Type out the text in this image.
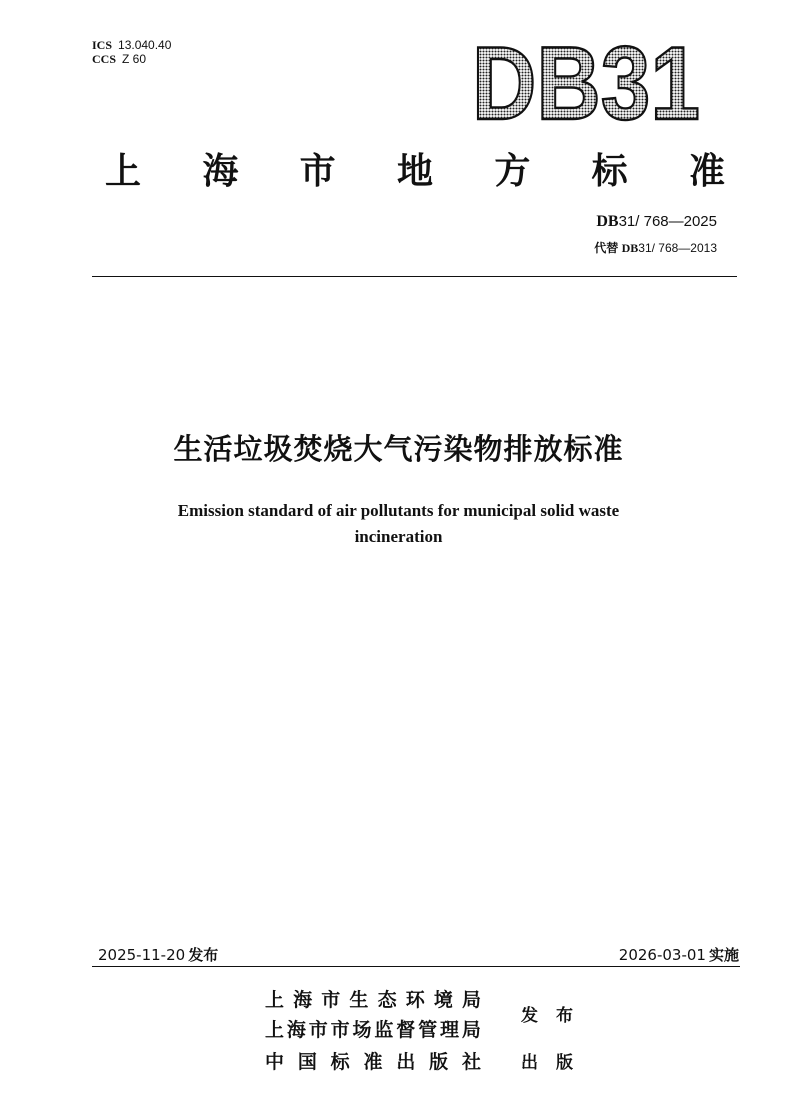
ICS 13.040.40
CCS Z 60	DB31
上 海 市 地 方 标 准
DB31/ 768—2025
代替 DB31/ 768—2013
生活垃圾焚烧大气污染物排放标准
Emission standard of air pollutants for municipal solid waste incineration
2025-11-20 发布	2026-03-01 实施
上 海 市 生 态 环 境 局
上 海 市 市 场 监 督 管 理 局
中 国 标 准 出 版 社
发 布
出 版
